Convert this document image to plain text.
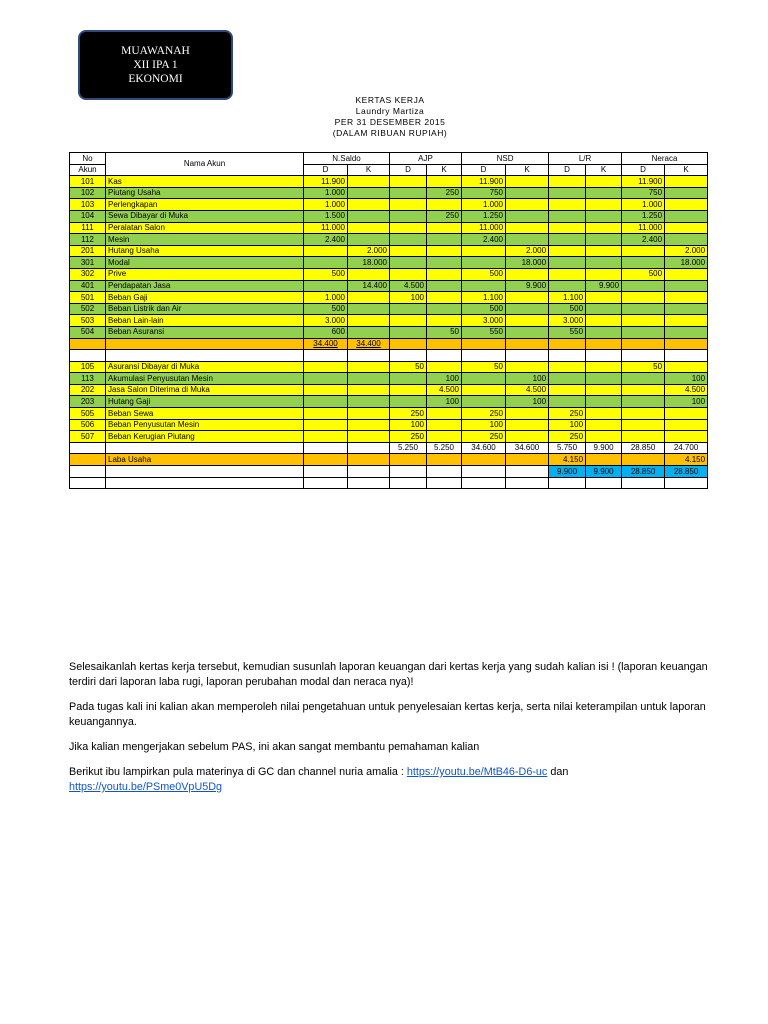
MUAWANAH
XII IPA 1
EKONOMI
KERTAS KERJA
Laundry Martiza
PER 31 DESEMBER 2015
(DALAM RIBUAN RUPIAH)
No	Nama Akun	N.Saldo		AJP		NSD		L/R		Neraca	
Akun		D	K	D	K	D	K	D	K	D	K
101	Kas	11.900				11.900				11.900	
102	Piutang Usaha	1.000			250	750				750	
103	Perlengkapan	1.000				1.000				1.000	
104	Sewa Dibayar di Muka	1.500			250	1.250				1.250	
111	Peralatan Salon	11.000				11.000				11.000	
112	Mesin	2.400				2.400				2.400	
201	Hutang Usaha		2.000				2.000				2.000
301	Modal		18.000				18.000				18.000
302	Prive	500				500				500	
401	Pendapatan Jasa		14.400	4.500			9.900		9.900		
501	Beban Gaji	1.000		100		1.100		1.100			
502	Beban Listrik dan Air	500				500		500			
503	Beban Lain-lain	3.000				3.000		3.000			
504	Beban Asuransi	600			50	550		550			
		34.400	34.400								

105	Asuransi Dibayar di Muka			50		50				50	
113	Akumulasi Penyusutan Mesin				100		100				100
202	Jasa Salon Diterima di Muka				4.500		4.500				4.500
203	Hutang Gaji				100		100				100
505	Beban Sewa			250		250		250			
506	Beban Penyusutan Mesin			100		100		100			
507	Beban Kerugian Piutang			250		250		250			
				5.250	5.250	34.600	34.600	5.750	9.900	28.850	24.700
	Laba Usaha							4.150			4.150
								9.900	9.900	28.850	28.850

Selesaikanlah kertas kerja tersebut, kemudian susunlah laporan keuangan dari kertas kerja yang sudah kalian isi ! (laporan keuangan terdiri dari laporan laba rugi, laporan perubahan modal dan neraca nya)!

Pada tugas kali ini kalian akan memperoleh nilai pengetahuan untuk penyelesaian kertas kerja, serta nilai keterampilan untuk laporan keuangannya.

Jika kalian mengerjakan sebelum PAS, ini akan sangat membantu pemahaman kalian

Berikut ibu lampirkan pula materinya di GC dan channel nuria amalia : https://youtu.be/MtB46-D6-uc dan https://youtu.be/PSme0VpU5Dg
